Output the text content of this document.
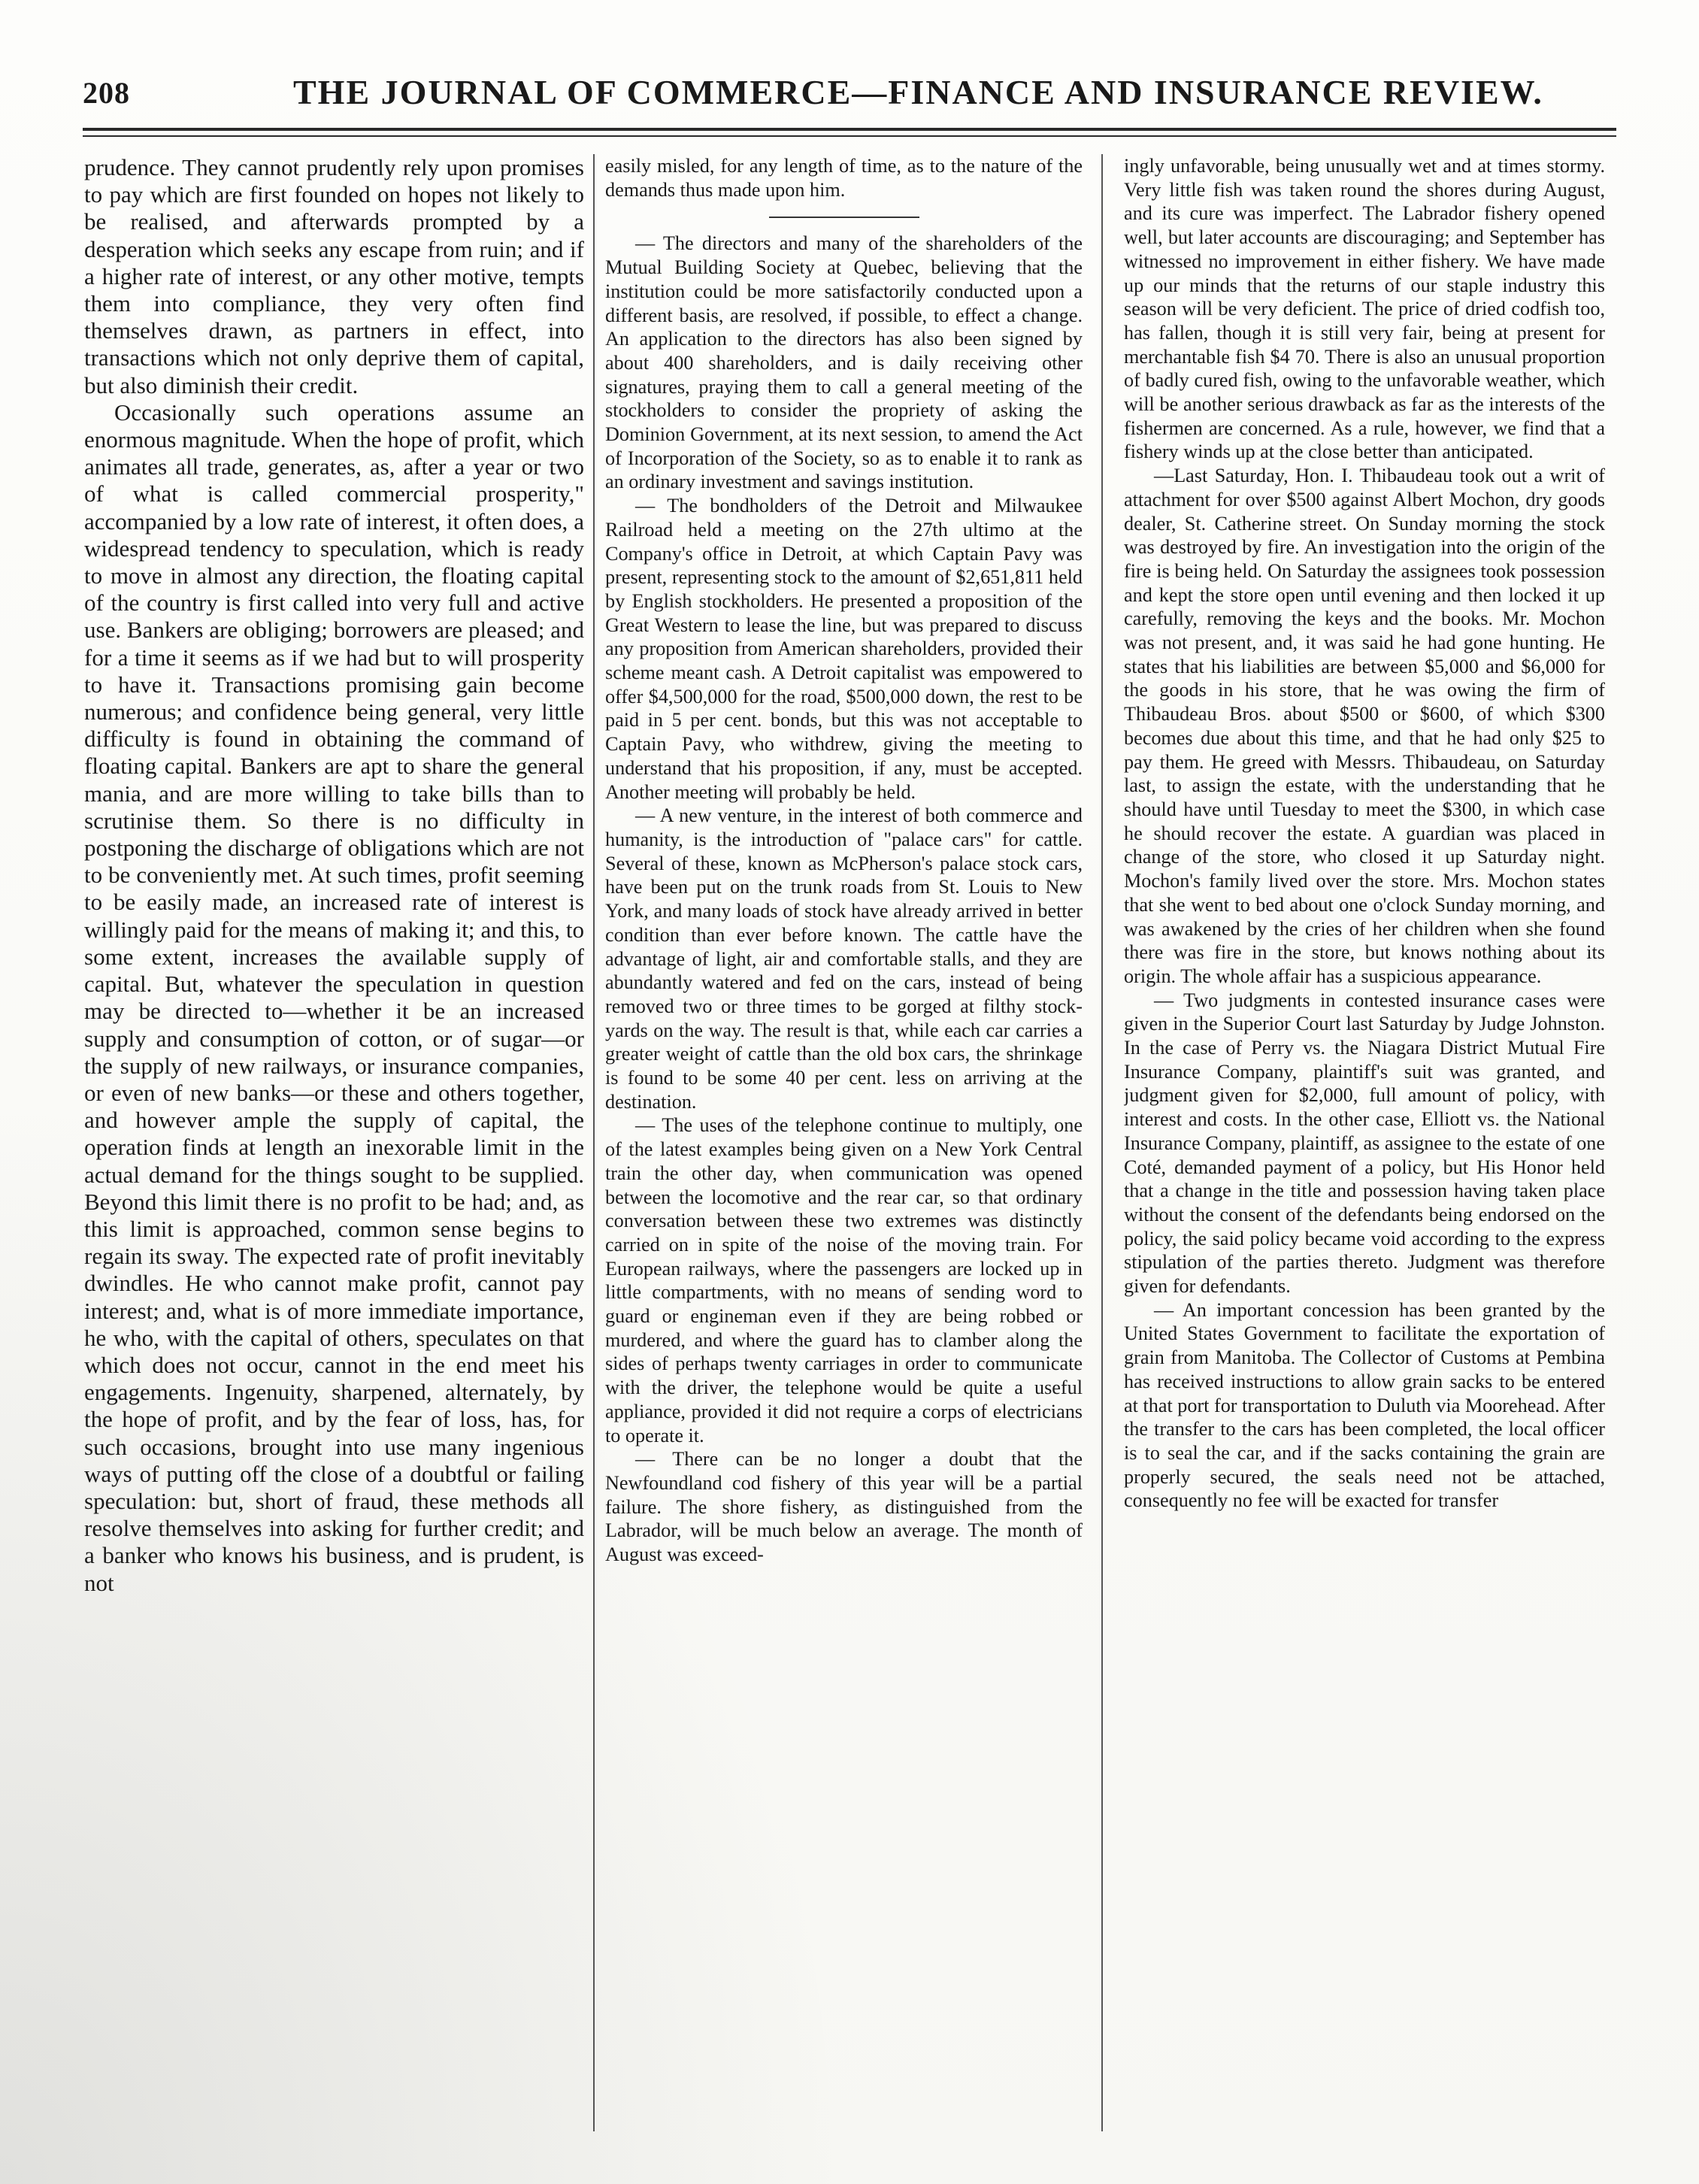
208	THE JOURNAL OF COMMERCE—FINANCE AND INSURANCE REVIEW.

prudence. They cannot prudently rely upon promises to pay which are first founded on hopes not likely to be realised, and afterwards prompted by a desperation which seeks any escape from ruin; and if a higher rate of interest, or any other motive, tempts them into compliance, they very often find themselves drawn, as partners in effect, into transactions which not only deprive them of capital, but also diminish their credit.

Occasionally such operations assume an enormous magnitude. When the hope of profit, which animates all trade, generates, as, after a year or two of what is called commercial prosperity," accompanied by a low rate of interest, it often does, a widespread tendency to speculation, which is ready to move in almost any direction, the floating capital of the country is first called into very full and active use. Bankers are obliging; borrowers are pleased; and for a time it seems as if we had but to will prosperity to have it. Transactions promising gain become numerous; and confidence being general, very little difficulty is found in obtaining the command of floating capital. Bankers are apt to share the general mania, and are more willing to take bills than to scrutinise them. So there is no difficulty in postponing the discharge of obligations which are not to be conveniently met. At such times, profit seeming to be easily made, an increased rate of interest is willingly paid for the means of making it; and this, to some extent, increases the available supply of capital. But, whatever the speculation in question may be directed to—whether it be an increased supply and consumption of cotton, or of sugar—or the supply of new railways, or insurance companies, or even of new banks—or these and others together, and however ample the supply of capital, the operation finds at length an inexorable limit in the actual demand for the things sought to be supplied. Beyond this limit there is no profit to be had; and, as this limit is approached, common sense begins to regain its sway. The expected rate of profit inevitably dwindles. He who cannot make profit, cannot pay interest; and, what is of more immediate importance, he who, with the capital of others, speculates on that which does not occur, cannot in the end meet his engagements. Ingenuity, sharpened, alternately, by the hope of profit, and by the fear of loss, has, for such occasions, brought into use many ingenious ways of putting off the close of a doubtful or failing speculation: but, short of fraud, these methods all resolve themselves into asking for further credit; and a banker who knows his business, and is prudent, is not

easily misled, for any length of time, as to the nature of the demands thus made upon him.

— The directors and many of the shareholders of the Mutual Building Society at Quebec, believing that the institution could be more satisfactorily conducted upon a different basis, are resolved, if possible, to effect a change. An application to the directors has also been signed by about 400 shareholders, and is daily receiving other signatures, praying them to call a general meeting of the stockholders to consider the propriety of asking the Dominion Government, at its next session, to amend the Act of Incorporation of the Society, so as to enable it to rank as an ordinary investment and savings institution.

— The bondholders of the Detroit and Milwaukee Railroad held a meeting on the 27th ultimo at the Company's office in Detroit, at which Captain Pavy was present, representing stock to the amount of $2,651,811 held by English stockholders. He presented a proposition of the Great Western to lease the line, but was prepared to discuss any proposition from American shareholders, provided their scheme meant cash. A Detroit capitalist was empowered to offer $4,500,000 for the road, $500,000 down, the rest to be paid in 5 per cent. bonds, but this was not acceptable to Captain Pavy, who withdrew, giving the meeting to understand that his proposition, if any, must be accepted. Another meeting will probably be held.

— A new venture, in the interest of both commerce and humanity, is the introduction of "palace cars" for cattle. Several of these, known as McPherson's palace stock cars, have been put on the trunk roads from St. Louis to New York, and many loads of stock have already arrived in better condition than ever before known. The cattle have the advantage of light, air and comfortable stalls, and they are abundantly watered and fed on the cars, instead of being removed two or three times to be gorged at filthy stock-yards on the way. The result is that, while each car carries a greater weight of cattle than the old box cars, the shrinkage is found to be some 40 per cent. less on arriving at the destination.

— The uses of the telephone continue to multiply, one of the latest examples being given on a New York Central train the other day, when communication was opened between the locomotive and the rear car, so that ordinary conversation between these two extremes was distinctly carried on in spite of the noise of the moving train. For European railways, where the passengers are locked up in little compartments, with no means of sending word to guard or engineman even if they are being robbed or murdered, and where the guard has to clamber along the sides of perhaps twenty carriages in order to communicate with the driver, the telephone would be quite a useful appliance, provided it did not require a corps of electricians to operate it.

— There can be no longer a doubt that the Newfoundland cod fishery of this year will be a partial failure. The shore fishery, as distinguished from the Labrador, will be much below an average. The month of August was exceed-

ingly unfavorable, being unusually wet and at times stormy. Very little fish was taken round the shores during August, and its cure was imperfect. The Labrador fishery opened well, but later accounts are discouraging; and September has witnessed no improvement in either fishery. We have made up our minds that the returns of our staple industry this season will be very deficient. The price of dried codfish too, has fallen, though it is still very fair, being at present for merchantable fish $4 70. There is also an unusual proportion of badly cured fish, owing to the unfavorable weather, which will be another serious drawback as far as the interests of the fishermen are concerned. As a rule, however, we find that a fishery winds up at the close better than anticipated.

—Last Saturday, Hon. I. Thibaudeau took out a writ of attachment for over $500 against Albert Mochon, dry goods dealer, St. Catherine street. On Sunday morning the stock was destroyed by fire. An investigation into the origin of the fire is being held. On Saturday the assignees took possession and kept the store open until evening and then locked it up carefully, removing the keys and the books. Mr. Mochon was not present, and, it was said he had gone hunting. He states that his liabilities are between $5,000 and $6,000 for the goods in his store, that he was owing the firm of Thibaudeau Bros. about $500 or $600, of which $300 becomes due about this time, and that he had only $25 to pay them. He greed with Messrs. Thibaudeau, on Saturday last, to assign the estate, with the understanding that he should have until Tuesday to meet the $300, in which case he should recover the estate. A guardian was placed in change of the store, who closed it up Saturday night. Mochon's family lived over the store. Mrs. Mochon states that she went to bed about one o'clock Sunday morning, and was awakened by the cries of her children when she found there was fire in the store, but knows nothing about its origin. The whole affair has a suspicious appearance.

— Two judgments in contested insurance cases were given in the Superior Court last Saturday by Judge Johnston. In the case of Perry vs. the Niagara District Mutual Fire Insurance Company, plaintiff's suit was granted, and judgment given for $2,000, full amount of policy, with interest and costs. In the other case, Elliott vs. the National Insurance Company, plaintiff, as assignee to the estate of one Coté, demanded payment of a policy, but His Honor held that a change in the title and possession having taken place without the consent of the defendants being endorsed on the policy, the said policy became void according to the express stipulation of the parties thereto. Judgment was therefore given for defendants.

— An important concession has been granted by the United States Government to facilitate the exportation of grain from Manitoba. The Collector of Customs at Pembina has received instructions to allow grain sacks to be entered at that port for transportation to Duluth via Moorehead. After the transfer to the cars has been completed, the local officer is to seal the car, and if the sacks containing the grain are properly secured, the seals need not be attached, consequently no fee will be exacted for transfer
